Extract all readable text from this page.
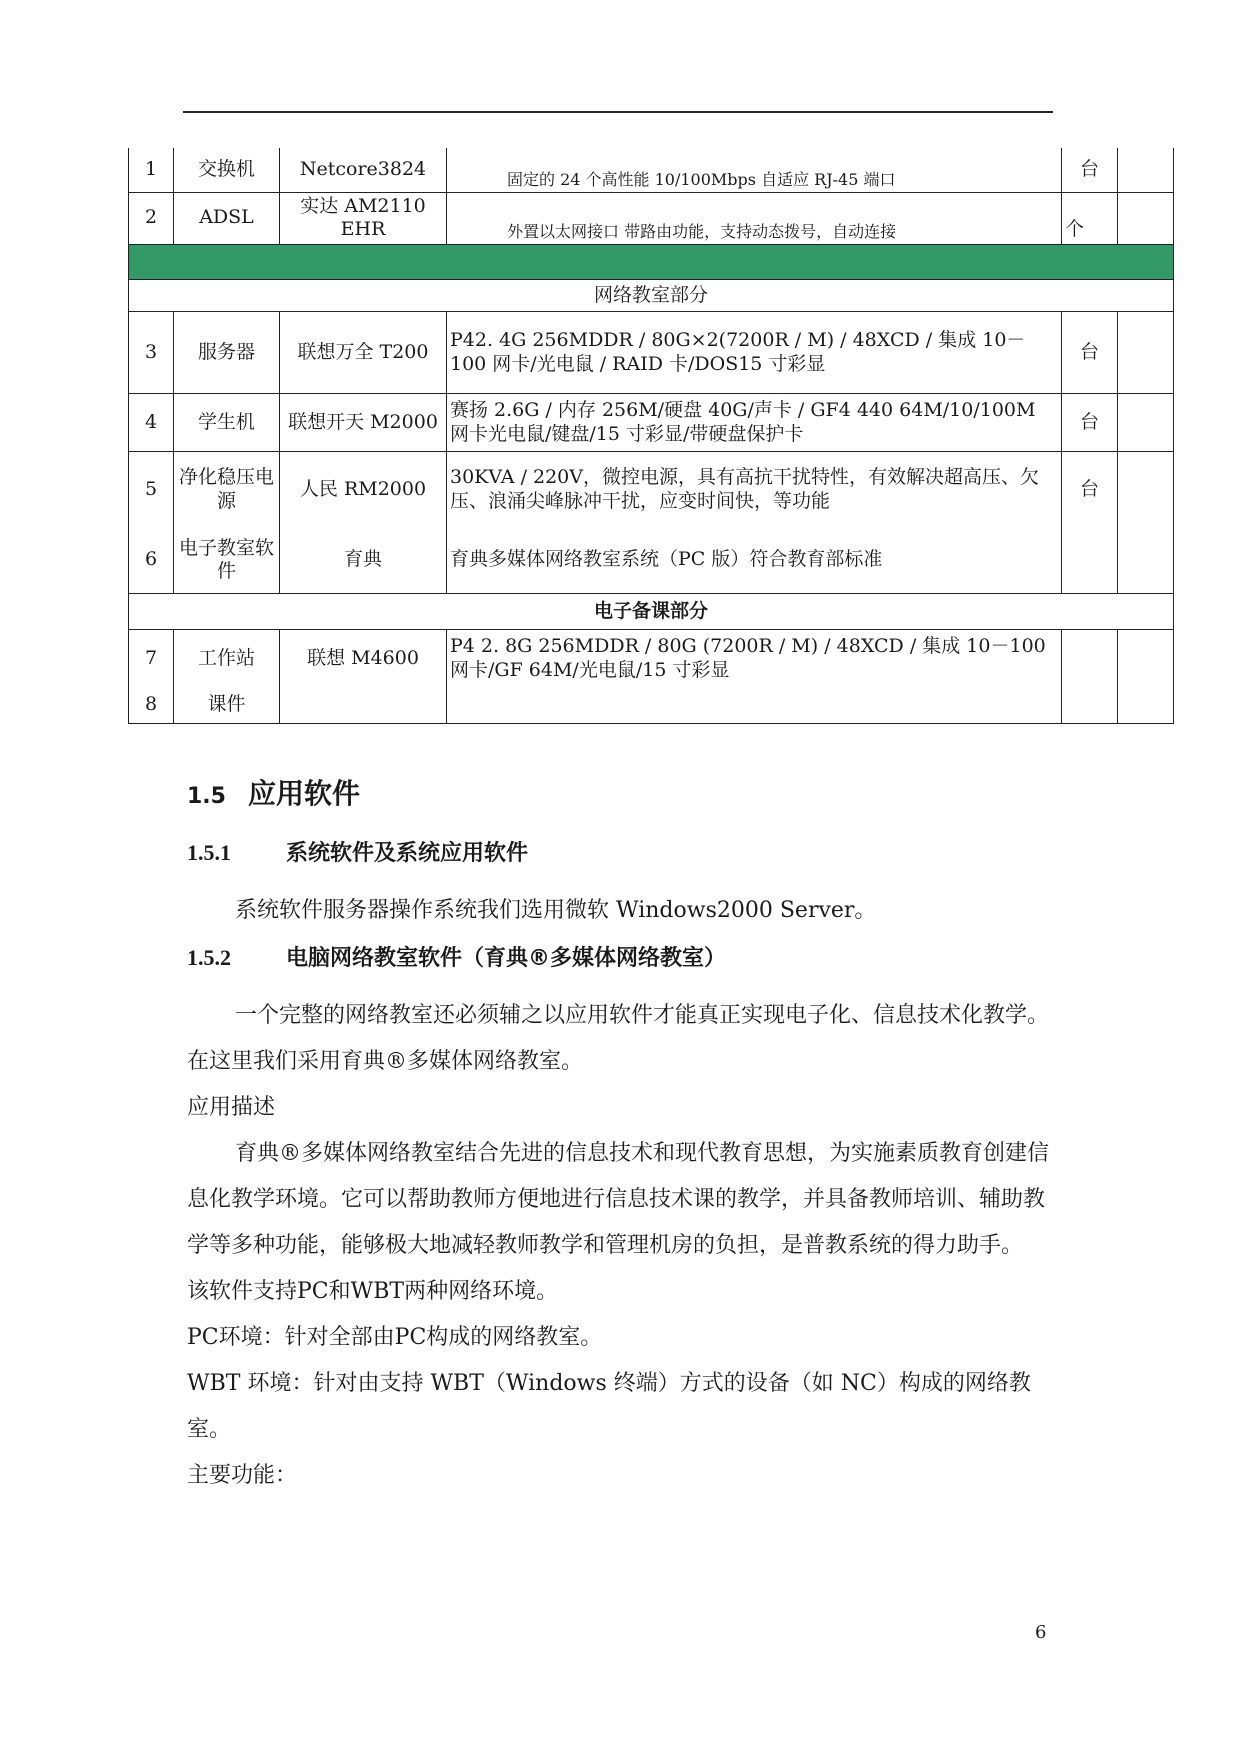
1	交换机	Netcore3824	固定的 24 个高性能 10/100Mbps 自适应 RJ-45 端口	台	
2	ADSL	实达 AM2110 EHR	外置以太网接口 带路由功能，支持动态拨号，自动连接	个	

网络教室部分					
3	服务器	联想万全 T200	P42. 4G 256MDDR / 80G×2(7200R / M) / 48XCD / 集成 10－100 网卡/光电鼠 / RAID 卡/DOS15 寸彩显	台	
4	学生机	联想开天 M2000	赛扬 2.6G / 内存 256M/硬盘 40G/声卡 / GF4 440 64M/10/100M 网卡光电鼠/键盘/15 寸彩显/带硬盘保护卡	台	
5	净化稳压电源	人民 RM2000	30KVA / 220V，微控电源，具有高抗干扰特性，有效解决超高压、欠压、浪涌尖峰脉冲干扰，应变时间快，等功能	台	
6	电子教室软件	育典	育典多媒体网络教室系统（PC 版）符合教育部标准		
电子备课部分					
7	工作站	联想 M4600	P4 2. 8G 256MDDR / 80G (7200R / M) / 48XCD / 集成 10－100 网卡/GF 64M/光电鼠/15 寸彩显		
8	课件				
1.5 应用软件
1.5.1	系统软件及系统应用软件

系统软件服务器操作系统我们选用微软 Windows2000 Server。

1.5.2	电脑网络教室软件（育典®多媒体网络教室）

一个完整的网络教室还必须辅之以应用软件才能真正实现电子化、信息技术化教学。在这里我们采用育典®多媒体网络教室。

应用描述

育典®多媒体网络教室结合先进的信息技术和现代教育思想，为实施素质教育创建信息化教学环境。它可以帮助教师方便地进行信息技术课的教学，并具备教师培训、辅助教学等多种功能，能够极大地减轻教师教学和管理机房的负担，是普教系统的得力助手。

该软件支持PC和WBT两种网络环境。

PC环境：针对全部由PC构成的网络教室。

WBT 环境：针对由支持 WBT（Windows 终端）方式的设备（如 NC）构成的网络教室。

主要功能：

6
